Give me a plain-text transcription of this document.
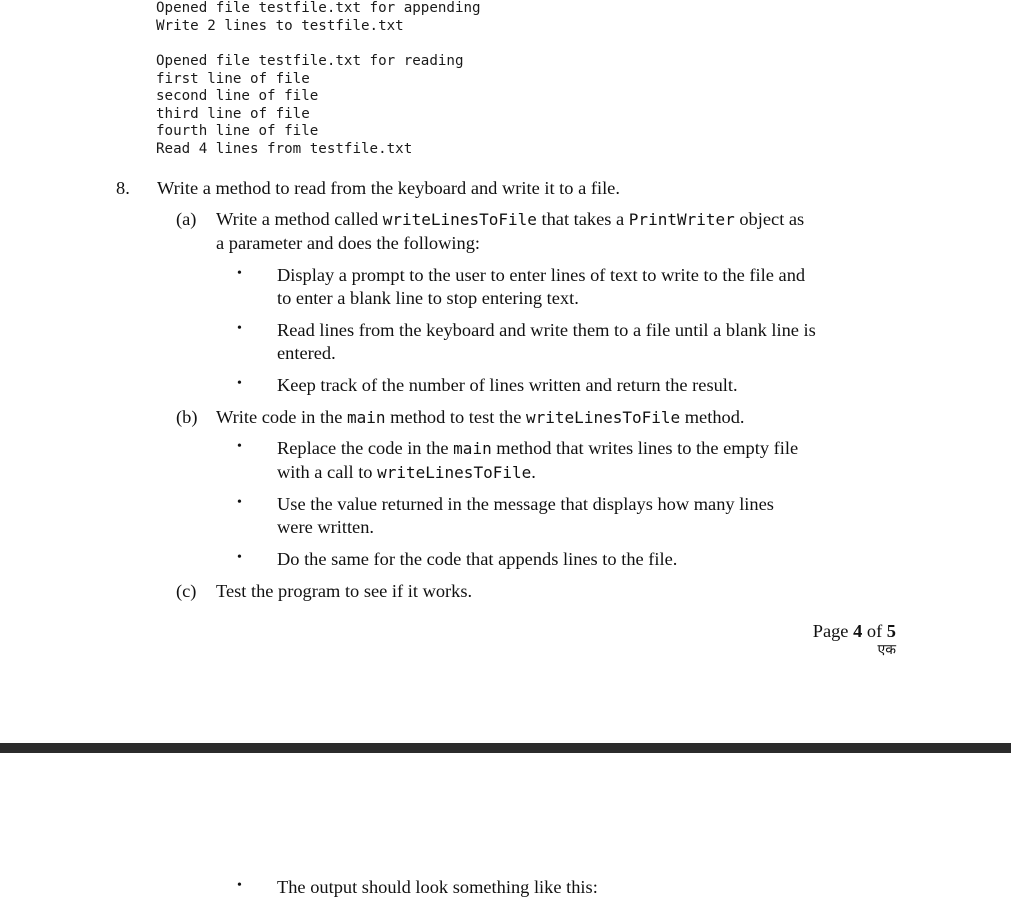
Opened file testfile.txt for appending
Write 2 lines to testfile.txt
Opened file testfile.txt for reading
first line of file
second line of file
third line of file
fourth line of file
Read 4 lines from testfile.txt
8. Write a method to read from the keyboard and write it to a file.
(a) Write a method called writeLinesToFile that takes a PrintWriter object as
a parameter and does the following:
• Display a prompt to the user to enter lines of text to write to the file and
to enter a blank line to stop entering text.
• Read lines from the keyboard and write them to a file until a blank line is
entered.
• Keep track of the number of lines written and return the result.
(b) Write code in the main method to test the writeLinesToFile method.
• Replace the code in the main method that writes lines to the empty file
with a call to writeLinesToFile.
• Use the value returned in the message that displays how many lines
were written.
• Do the same for the code that appends lines to the file.
(c) Test the program to see if it works.
Page 4 of 5
एक
• The output should look something like this:
